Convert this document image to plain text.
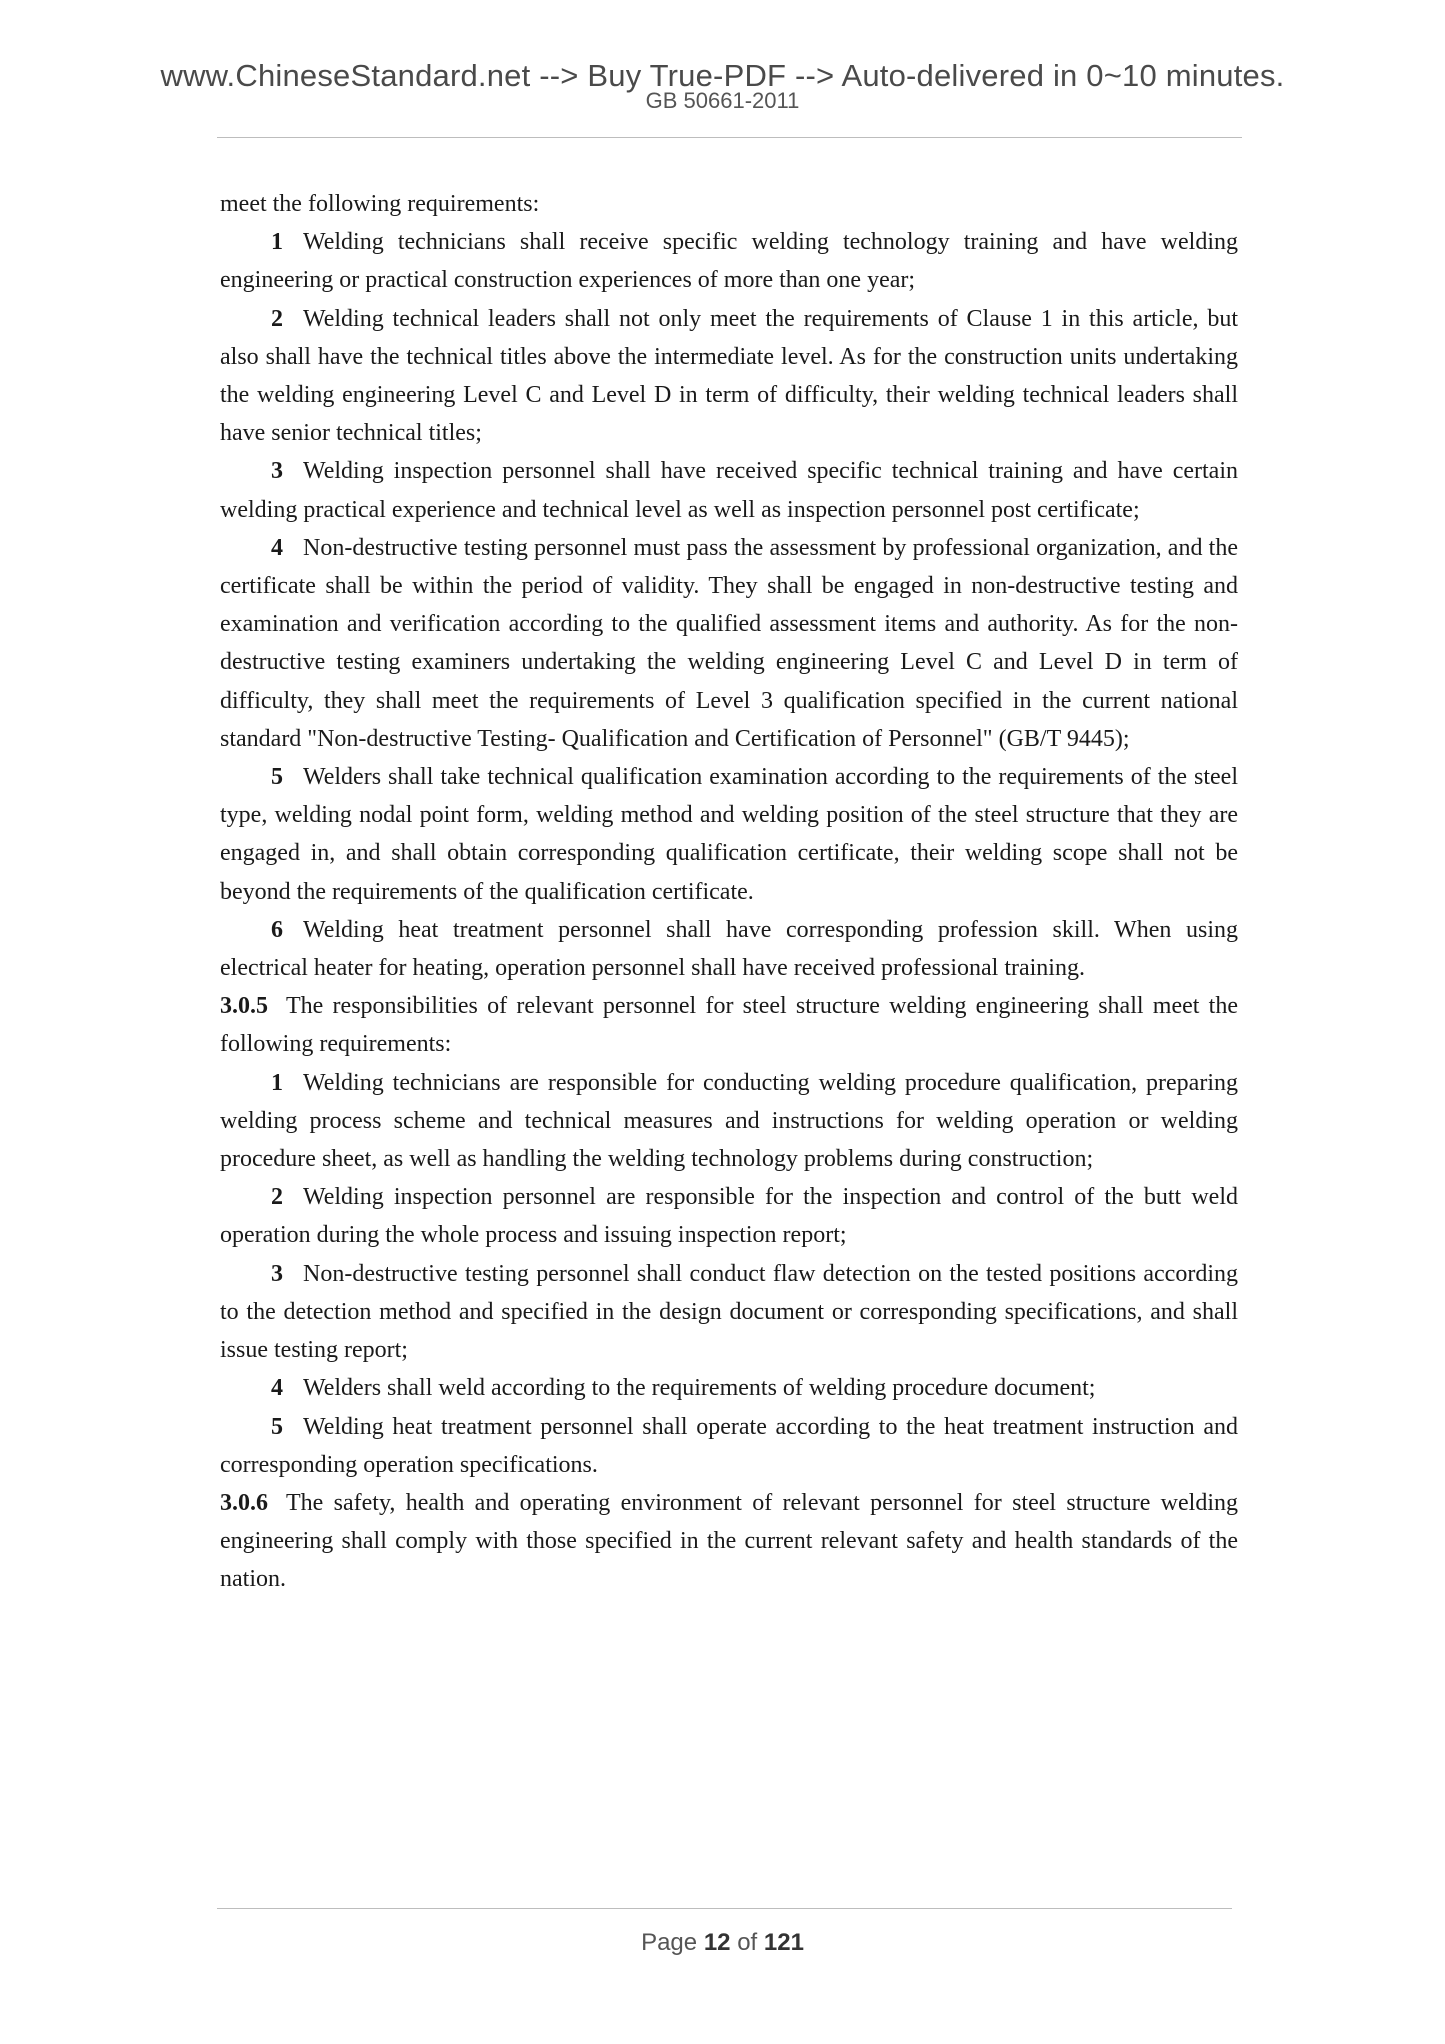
www.ChineseStandard.net --> Buy True-PDF --> Auto-delivered in 0~10 minutes.
GB 50661-2011

meet the following requirements:

1 Welding technicians shall receive specific welding technology training and have welding engineering or practical construction experiences of more than one year;

2 Welding technical leaders shall not only meet the requirements of Clause 1 in this article, but also shall have the technical titles above the intermediate level. As for the construction units undertaking the welding engineering Level C and Level D in term of difficulty, their welding technical leaders shall have senior technical titles;

3 Welding inspection personnel shall have received specific technical training and have certain welding practical experience and technical level as well as inspection personnel post certificate;

4 Non-destructive testing personnel must pass the assessment by professional organization, and the certificate shall be within the period of validity. They shall be engaged in non-destructive testing and examination and verification according to the qualified assessment items and authority. As for the non-destructive testing examiners undertaking the welding engineering Level C and Level D in term of difficulty, they shall meet the requirements of Level 3 qualification specified in the current national standard "Non-destructive Testing- Qualification and Certification of Personnel" (GB/T 9445);

5 Welders shall take technical qualification examination according to the requirements of the steel type, welding nodal point form, welding method and welding position of the steel structure that they are engaged in, and shall obtain corresponding qualification certificate, their welding scope shall not be beyond the requirements of the qualification certificate.

6 Welding heat treatment personnel shall have corresponding profession skill. When using electrical heater for heating, operation personnel shall have received professional training.

3.0.5 The responsibilities of relevant personnel for steel structure welding engineering shall meet the following requirements:

1 Welding technicians are responsible for conducting welding procedure qualification, preparing welding process scheme and technical measures and instructions for welding operation or welding procedure sheet, as well as handling the welding technology problems during construction;

2 Welding inspection personnel are responsible for the inspection and control of the butt weld operation during the whole process and issuing inspection report;

3 Non-destructive testing personnel shall conduct flaw detection on the tested positions according to the detection method and specified in the design document or corresponding specifications, and shall issue testing report;

4 Welders shall weld according to the requirements of welding procedure document;

5 Welding heat treatment personnel shall operate according to the heat treatment instruction and corresponding operation specifications.

3.0.6 The safety, health and operating environment of relevant personnel for steel structure welding engineering shall comply with those specified in the current relevant safety and health standards of the nation.

Page 12 of 121
